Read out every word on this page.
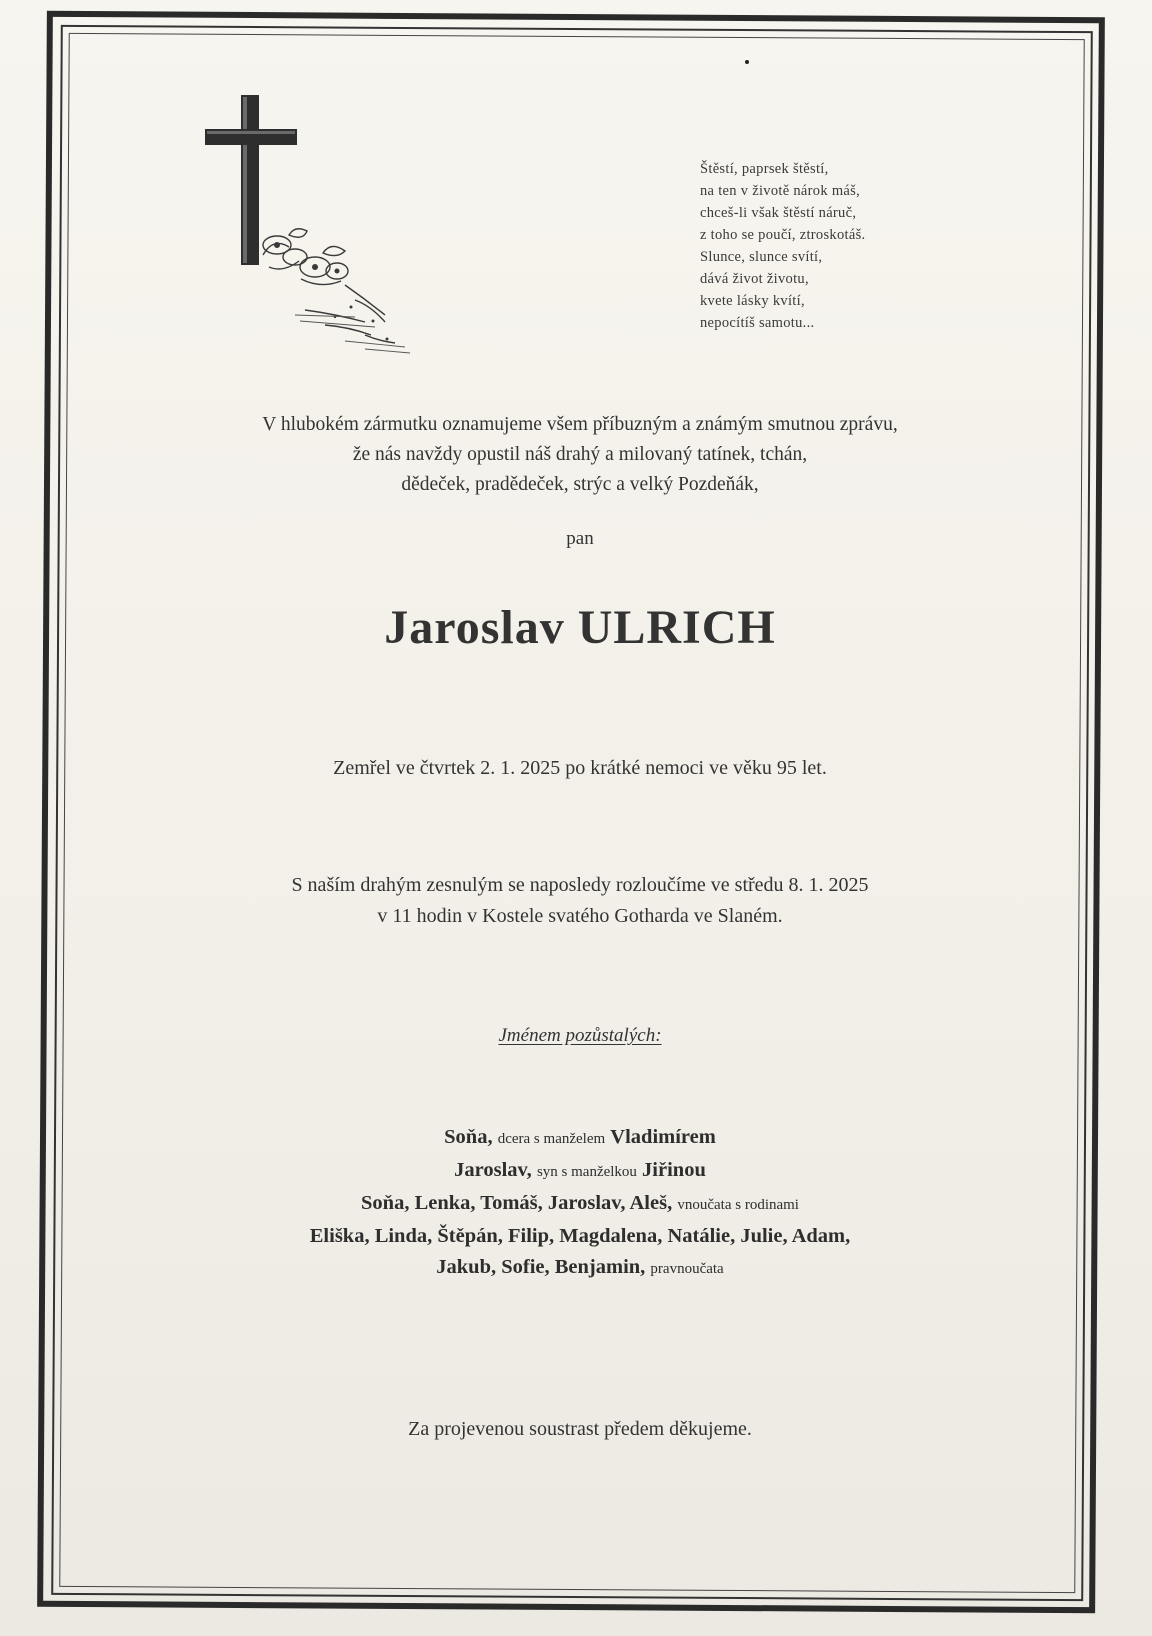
Štěstí, paprsek štěstí,
na ten v životě nárok máš,
chceš-li však štěstí náruč,
z toho se poučí, ztroskotáš.
Slunce, slunce svítí,
dává život životu,
kvete lásky kvítí,
nepocítíš samotu...
V hlubokém zármutku oznamujeme všem příbuzným a známým smutnou zprávu,
že nás navždy opustil náš drahý a milovaný tatínek, tchán,
dědeček, pradědeček, strýc a velký Pozdeňák,
pan
Jaroslav ULRICH
Zemřel ve čtvrtek 2. 1. 2025 po krátké nemoci ve věku 95 let.
S naším drahým zesnulým se naposledy rozloučíme ve středu 8. 1. 2025
v 11 hodin v Kostele svatého Gotharda ve Slaném.
Jménem pozůstalých:
Soňa, dcera s manželem Vladimírem
Jaroslav, syn s manželkou Jiřinou
Soňa, Lenka, Tomáš, Jaroslav, Aleš, vnoučata s rodinami
Eliška, Linda, Štěpán, Filip, Magdalena, Natálie, Julie, Adam,
Jakub, Sofie, Benjamin, pravnoučata
Za projevenou soustrast předem děkujeme.
